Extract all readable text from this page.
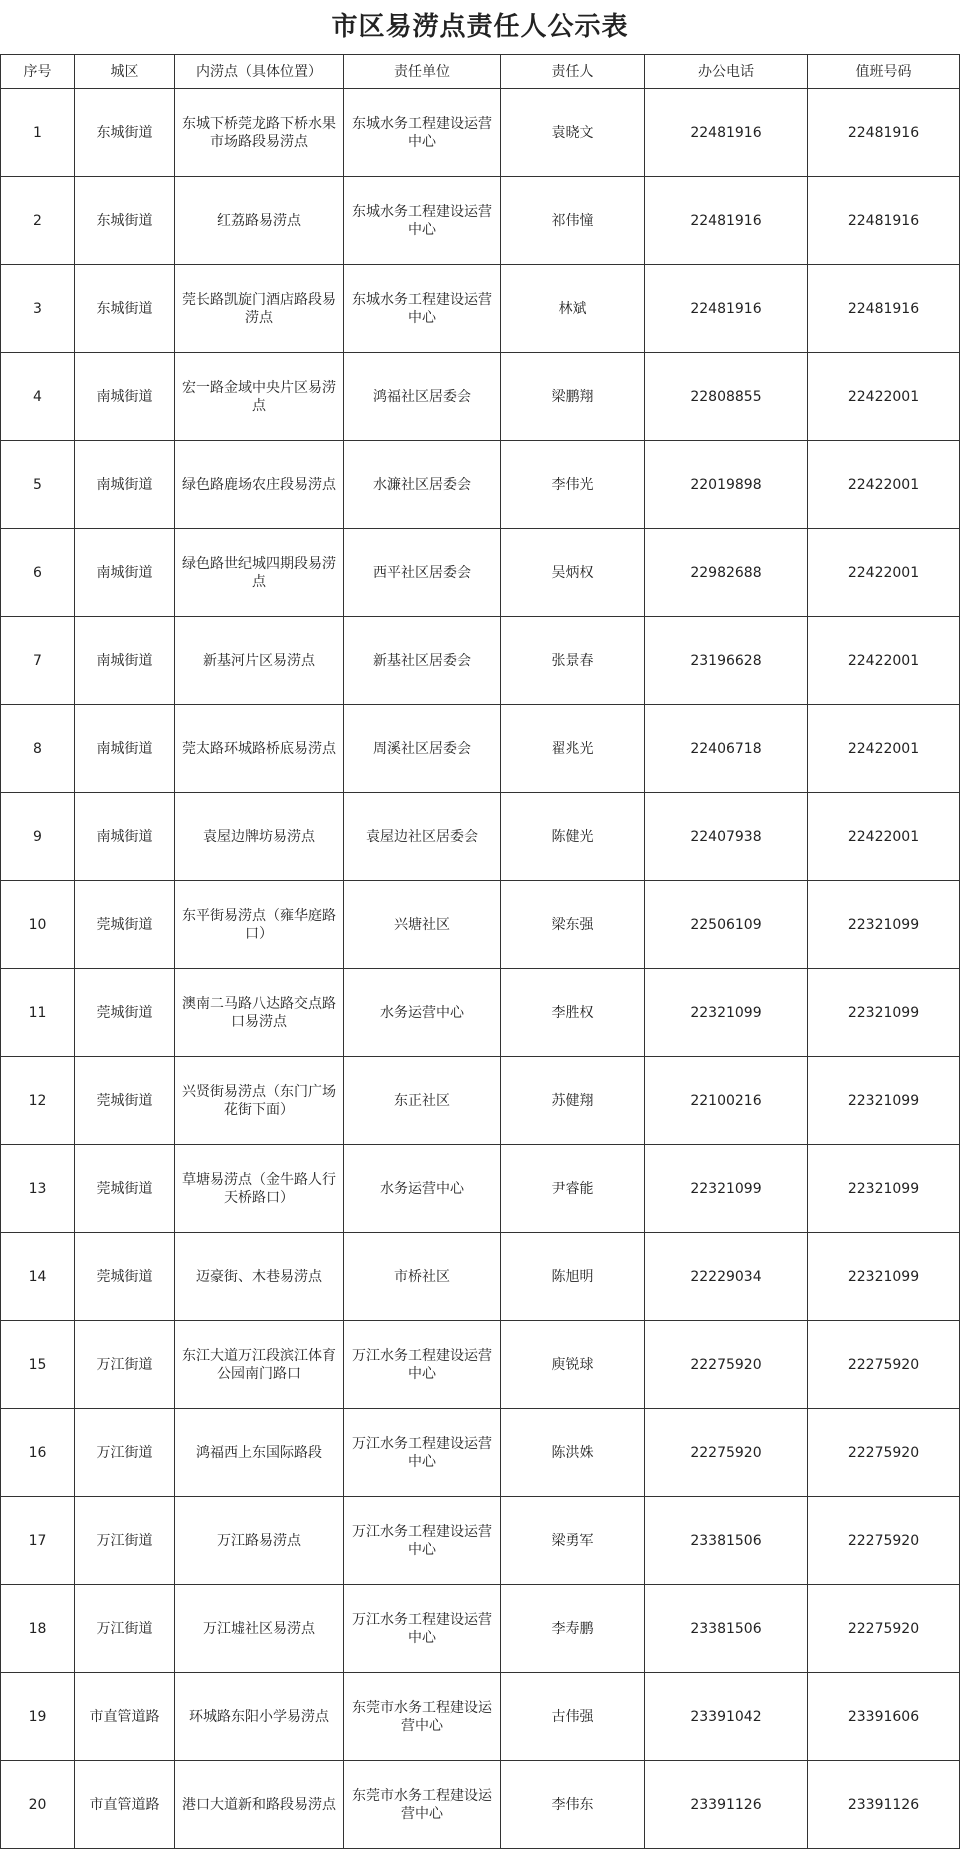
市区易涝点责任人公示表
序号	城区	内涝点（具体位置）	责任单位	责任人	办公电话	值班号码
1	东城街道	东城下桥莞龙路下桥水果市场路段易涝点	东城水务工程建设运营中心	袁晓文	22481916	22481916
2	东城街道	红荔路易涝点	东城水务工程建设运营中心	祁伟憧	22481916	22481916
3	东城街道	莞长路凯旋门酒店路段易涝点	东城水务工程建设运营中心	林斌	22481916	22481916
4	南城街道	宏一路金域中央片区易涝点	鸿福社区居委会	梁鹏翔	22808855	22422001
5	南城街道	绿色路鹿场农庄段易涝点	水濂社区居委会	李伟光	22019898	22422001
6	南城街道	绿色路世纪城四期段易涝点	西平社区居委会	吴炳权	22982688	22422001
7	南城街道	新基河片区易涝点	新基社区居委会	张景春	23196628	22422001
8	南城街道	莞太路环城路桥底易涝点	周溪社区居委会	翟兆光	22406718	22422001
9	南城街道	袁屋边牌坊易涝点	袁屋边社区居委会	陈健光	22407938	22422001
10	莞城街道	东平街易涝点（雍华庭路口）	兴塘社区	梁东强	22506109	22321099
11	莞城街道	澳南二马路八达路交点路口易涝点	水务运营中心	李胜权	22321099	22321099
12	莞城街道	兴贤街易涝点（东门广场花街下面）	东正社区	苏健翔	22100216	22321099
13	莞城街道	草塘易涝点（金牛路人行天桥路口）	水务运营中心	尹睿能	22321099	22321099
14	莞城街道	迈豪街、木巷易涝点	市桥社区	陈旭明	22229034	22321099
15	万江街道	东江大道万江段滨江体育公园南门路口	万江水务工程建设运营中心	庾锐球	22275920	22275920
16	万江街道	鸿福西上东国际路段	万江水务工程建设运营中心	陈洪姝	22275920	22275920
17	万江街道	万江路易涝点	万江水务工程建设运营中心	梁勇军	23381506	22275920
18	万江街道	万江墟社区易涝点	万江水务工程建设运营中心	李寿鹏	23381506	22275920
19	市直管道路	环城路东阳小学易涝点	东莞市水务工程建设运营中心	古伟强	23391042	23391606
20	市直管道路	港口大道新和路段易涝点	东莞市水务工程建设运营中心	李伟东	23391126	23391126
